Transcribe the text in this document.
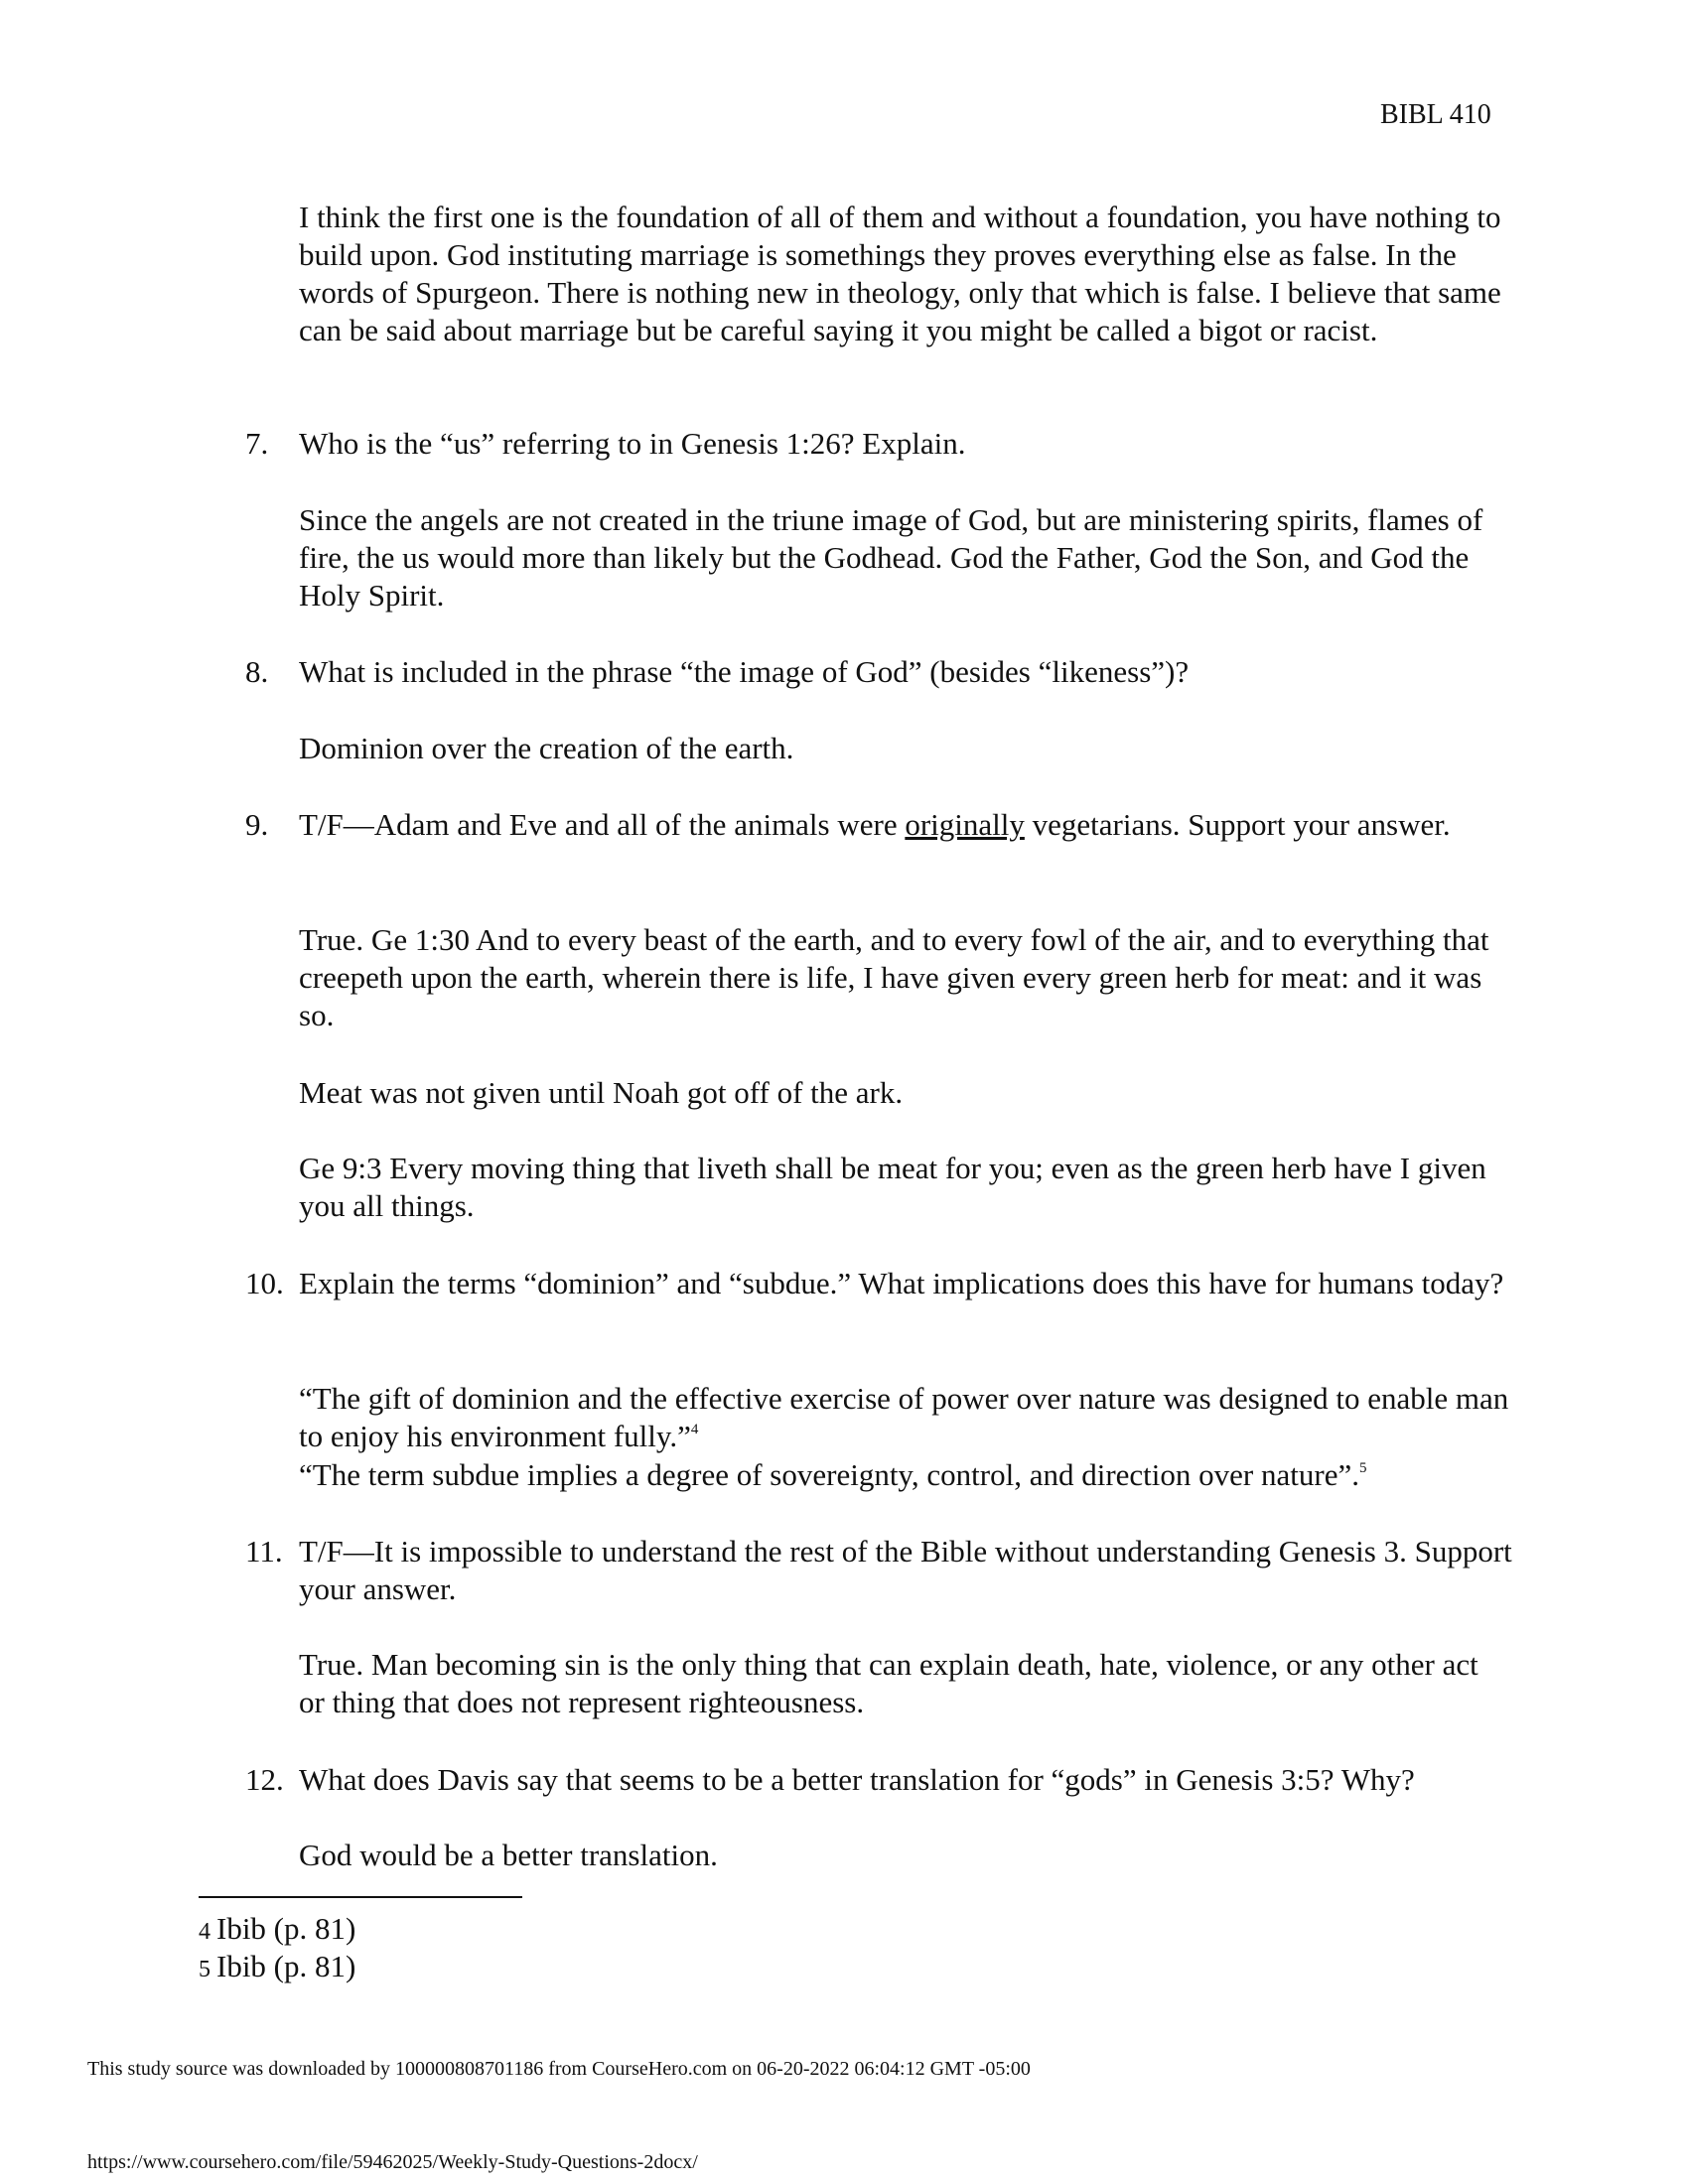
BIBL 410

I think the first one is the foundation of all of them and without a foundation, you have nothing to build upon. God instituting marriage is somethings they proves everything else as false. In the words of Spurgeon. There is nothing new in theology, only that which is false. I believe that same can be said about marriage but be careful saying it you might be called a bigot or racist.

7. Who is the “us” referring to in Genesis 1:26? Explain.

Since the angels are not created in the triune image of God, but are ministering spirits, flames of fire, the us would more than likely but the Godhead. God the Father, God the Son, and God the Holy Spirit.

8. What is included in the phrase “the image of God” (besides “likeness”)?

Dominion over the creation of the earth.

9. T/F—Adam and Eve and all of the animals were originally vegetarians. Support your answer.

True. Ge 1:30 And to every beast of the earth, and to every fowl of the air, and to everything that creepeth upon the earth, wherein there is life, I have given every green herb for meat: and it was so.

Meat was not given until Noah got off of the ark.

Ge 9:3 Every moving thing that liveth shall be meat for you; even as the green herb have I given you all things.

10. Explain the terms “dominion” and “subdue.” What implications does this have for humans today?

“The gift of dominion and the effective exercise of power over nature was designed to enable man to enjoy his environment fully.”$^4$

“The term subdue implies a degree of sovereignty, control, and direction over nature”.$^5$

11. T/F—It is impossible to understand the rest of the Bible without understanding Genesis 3. Support your answer.

True. Man becoming sin is the only thing that can explain death, hate, violence, or any other act or thing that does not represent righteousness.

12. What does Davis say that seems to be a better translation for “gods” in Genesis 3:5? Why?

God would be a better translation.

4 Ibib (p. 81)
5 Ibib (p. 81)
This study source was downloaded by 100000808701186 from CourseHero.com on 06-20-2022 06:04:12 GMT -05:00
https://www.coursehero.com/file/59462025/Weekly-Study-Questions-2docx/
